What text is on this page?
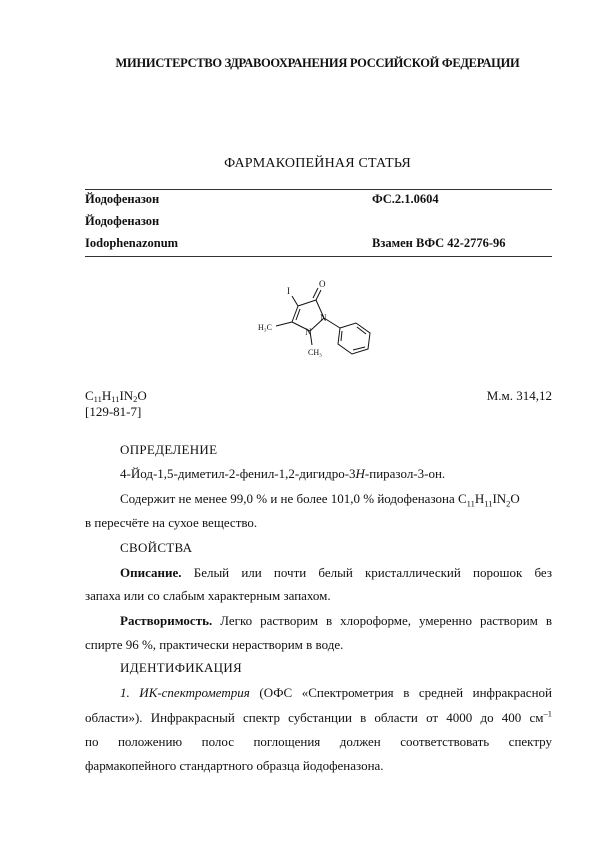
МИНИСТЕРСТВО ЗДРАВООХРАНЕНИЯ РОССИЙСКОЙ ФЕДЕРАЦИИ
ФАРМАКОПЕЙНАЯ СТАТЬЯ
Йодофеназон	ФС.2.1.0604
Йодофеназон
Iodophenazonum	Взамен ВФС 42-2776-96
I
O
N
N
H₃C
CH₃
$C_{11}H_{11}IN_2O$	М.м. 314,12
[129-81-7]
ОПРЕДЕЛЕНИЕ
4-Йод-1,5-диметил-2-фенил-1,2-дигидро-3Н-пиразол-3-он.
Содержит не менее 99,0 % и не более 101,0 % йодофеназона $C_{11}H_{11}IN_2O$
в пересчёте на сухое вещество.
СВОЙСТВА
Описание. Белый или почти белый кристаллический порошок без
запаха или со слабым характерным запахом.
Растворимость. Легко растворим в хлороформе, умеренно растворим в
спирте 96 %, практически нерастворим в воде.
ИДЕНТИФИКАЦИЯ
1. ИК-спектрометрия (ОФС «Спектрометрия в средней инфракрасной
области»). Инфракрасный спектр субстанции в области от 4000 до 400 $см^{-1}$
по положению полос поглощения должен соответствовать спектру
фармакопейного стандартного образца йодофеназона.
